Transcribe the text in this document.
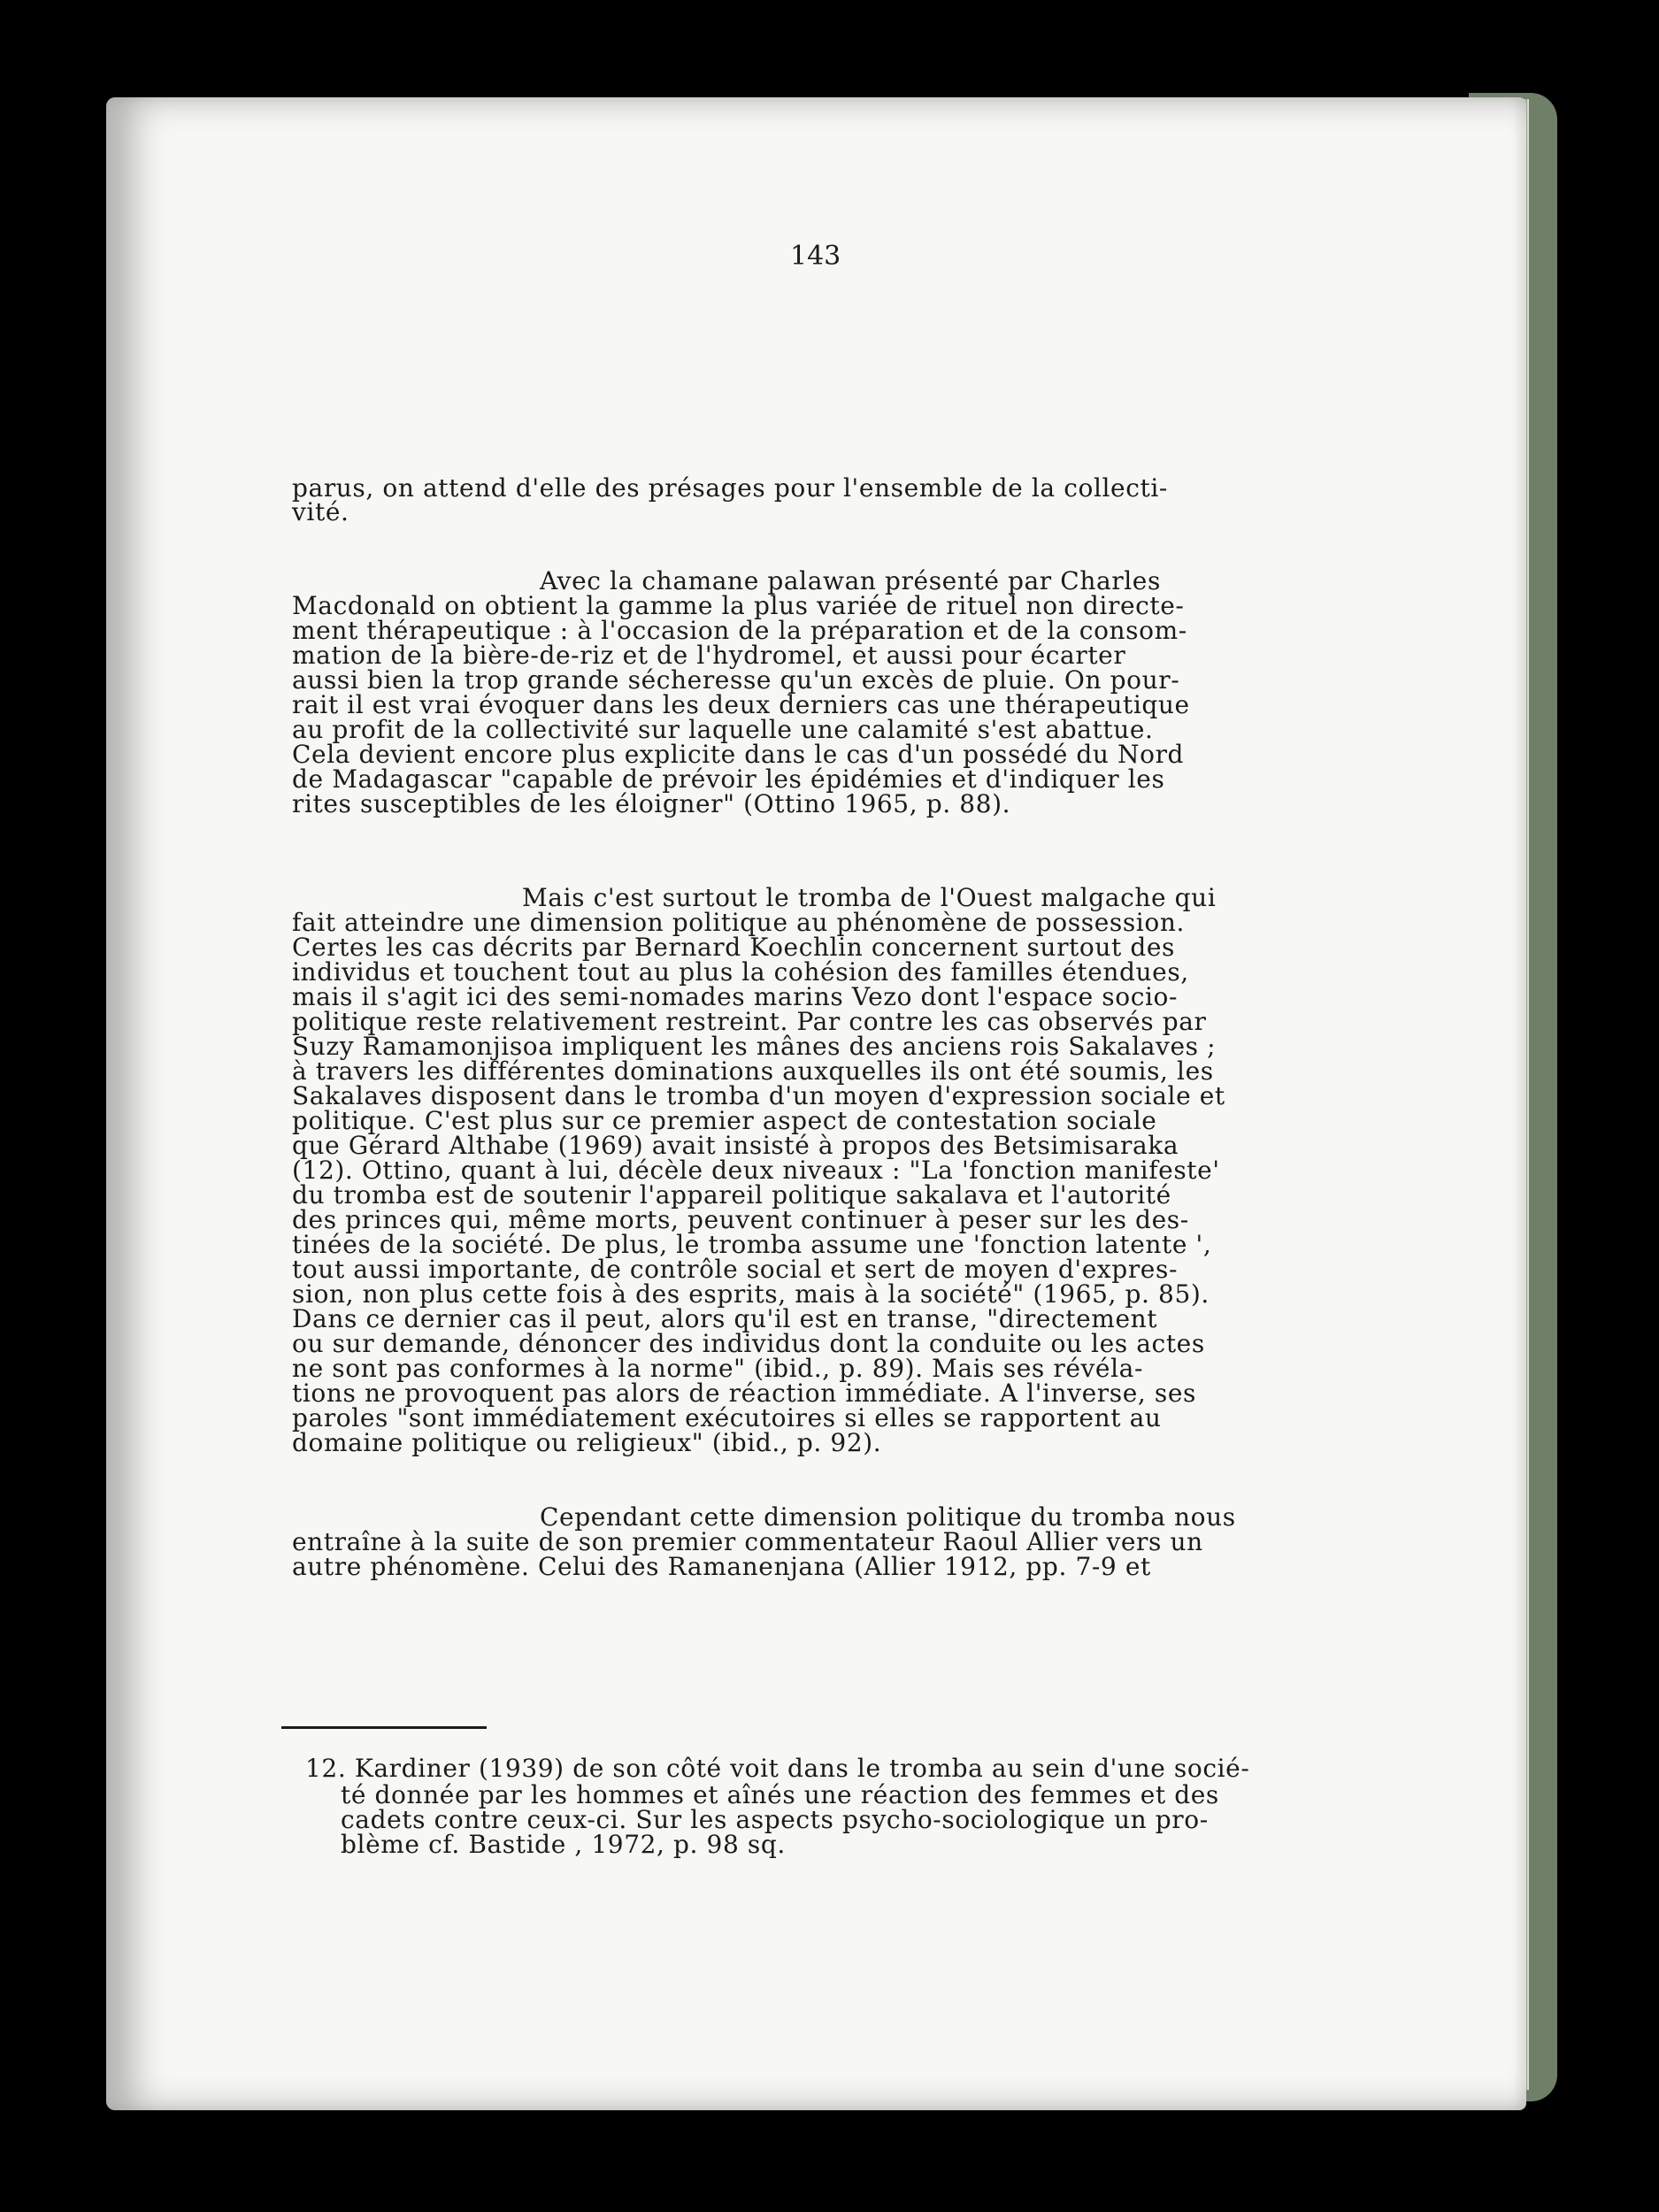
143
parus, on attend d'elle des présages pour l'ensemble de la collecti-
vité.
Avec la chamane palawan présenté par Charles
Macdonald on obtient la gamme la plus variée de rituel non directe-
ment thérapeutique : à l'occasion de la préparation et de la consom-
mation de la bière-de-riz et de l'hydromel, et aussi pour écarter
aussi bien la trop grande sécheresse qu'un excès de pluie. On pour-
rait il est vrai évoquer dans les deux derniers cas une thérapeutique
au profit de la collectivité sur laquelle une calamité s'est abattue.
Cela devient encore plus explicite dans le cas d'un possédé du Nord
de Madagascar "capable de prévoir les épidémies et d'indiquer les
rites susceptibles de les éloigner" (Ottino 1965, p. 88).
Mais c'est surtout le tromba de l'Ouest malgache qui
fait atteindre une dimension politique au phénomène de possession.
Certes les cas décrits par Bernard Koechlin concernent surtout des
individus et touchent tout au plus la cohésion des familles étendues,
mais il s'agit ici des semi-nomades marins Vezo dont l'espace socio-
politique reste relativement restreint. Par contre les cas observés par
Suzy Ramamonjisoa impliquent les mânes des anciens rois Sakalaves ;
à travers les différentes dominations auxquelles ils ont été soumis, les
Sakalaves disposent dans le tromba d'un moyen d'expression sociale et
politique. C'est plus sur ce premier aspect de contestation sociale
que Gérard Althabe (1969) avait insisté à propos des Betsimisaraka
(12). Ottino, quant à lui, décèle deux niveaux : "La 'fonction manifeste'
du tromba est de soutenir l'appareil politique sakalava et l'autorité
des princes qui, même morts, peuvent continuer à peser sur les des-
tinées de la société. De plus, le tromba assume une 'fonction latente ',
tout aussi importante, de contrôle social et sert de moyen d'expres-
sion, non plus cette fois à des esprits, mais à la société" (1965, p. 85).
Dans ce dernier cas il peut, alors qu'il est en transe, "directement
ou sur demande, dénoncer des individus dont la conduite ou les actes
ne sont pas conformes à la norme" (ibid., p. 89). Mais ses révéla-
tions ne provoquent pas alors de réaction immédiate. A l'inverse, ses
paroles "sont immédiatement exécutoires si elles se rapportent au
domaine politique ou religieux" (ibid., p. 92).
Cependant cette dimension politique du tromba nous
entraîne à la suite de son premier commentateur Raoul Allier vers un
autre phénomène. Celui des Ramanenjana (Allier 1912, pp. 7-9 et
12. Kardiner (1939) de son côté voit dans le tromba au sein d'une socié-
té donnée par les hommes et aînés une réaction des femmes et des
cadets contre ceux-ci. Sur les aspects psycho-sociologique un pro-
blème cf. Bastide , 1972, p. 98 sq.
